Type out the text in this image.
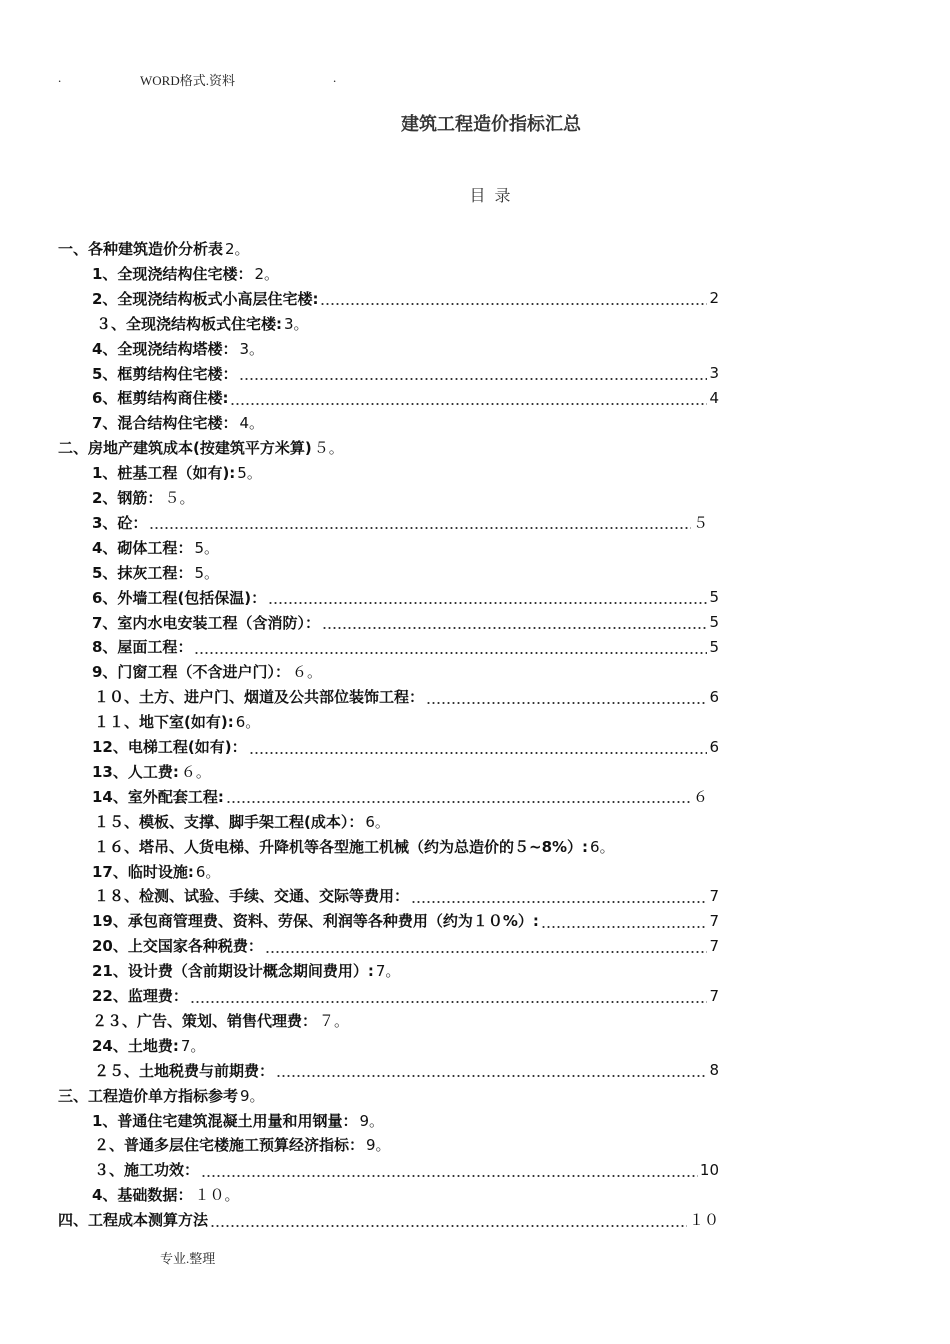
.	WORD格式.资料	.
建筑工程造价指标汇总
目 录
一、各种建筑造价分析表 2。
1、全现浇结构住宅楼： 2。
2、全现浇结构板式小高层住宅楼:	2
３、全现浇结构板式住宅楼: 3。
4、全现浇结构塔楼： 3。
5、框剪结构住宅楼：	3
6、框剪结构商住楼:	4
7、混合结构住宅楼： 4。
二、房地产建筑成本(按建筑平方米算) ５。
1、桩基工程（如有): 5。
2、钢筋： ５。
3、砼：	５
4、砌体工程： 5。
5、抹灰工程： 5。
6、外墙工程(包括保温)：	5
7、室内水电安装工程（含消防）：	5
8、屋面工程：	5
9、门窗工程（不含进户门）： ６。
１０、土方、进户门、烟道及公共部位装饰工程：	6
１１、地下室(如有): 6。
12、电梯工程(如有)：	6
13、人工费: ６。
14、室外配套工程:	６
１５、模板、支撑、脚手架工程(成本）： 6。
１６、塔吊、人货电梯、升降机等各型施工机械（约为总造价的５~8%）: 6。
17、临时设施: 6。
１８、检测、试验、手续、交通、交际等费用：	7
19、承包商管理费、资料、劳保、利润等各种费用（约为１０%）:	7
20、上交国家各种税费：	7
21、设计费（含前期设计概念期间费用）: 7。
22、监理费：	7
２３、广告、策划、销售代理费： ７。
24、土地费: 7。
２５、土地税费与前期费：	8
三、工程造价单方指标参考 9。
1、普通住宅建筑混凝土用量和用钢量： 9。
２、普通多层住宅楼施工预算经济指标： 9。
３、施工功效：	10
4、基础数据： １０。
四、工程成本测算方法	１０
专业.整理
